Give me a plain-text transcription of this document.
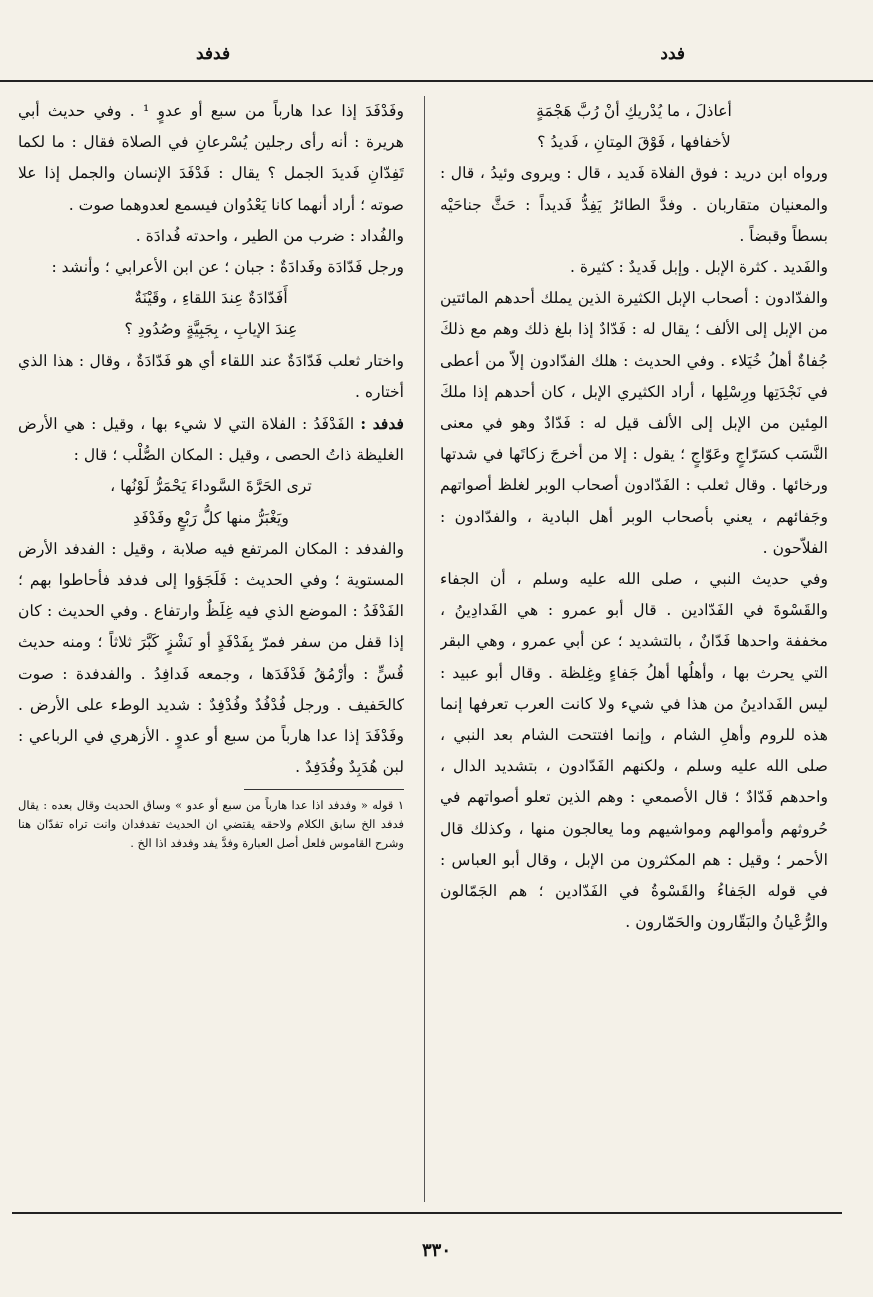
فدد
فدفد
أعاذلَ ، ما يُدْريكِ أنْ رُبَّ هَجْمَةٍ
لأخفافها ، فَوْقَ المِتانِ ، فَديدُ ؟

ورواه ابن دريد : فوق الفلاة فَديد ، قال : ويروى وئيدُ ، قال : والمعنيان متقاربان . وفدَّ الطائرُ يَفِدُّ فَديداً : حَثَّ جناحَيْه بسطاً وقبضاً .

والفَديد . كثرة الإبل . وإبل فَديدٌ : كثيرة .

والفدّادون : أصحاب الإبل الكثيرة الذين يملك أحدهم المائتين من الإبل إلى الألف ؛ يقال له : فَدّادٌ إذا بلغ ذلك وهم مع ذلكَ جُفاةٌ أهلُ خُيَلاء . وفي الحديث : هلك الفدّادون إلاّ من أعطى في نَجْدَتِها ورِسْلِها ، أراد الكثيري الإبل ، كان أحدهم إذا ملكَ المِئين من الإبل إلى الألف قيل له : فَدّادٌ وهو في معنى النَّسَب كسَرّاجٍ وعَوّاجٍ ؛ يقول : إلا من أخرجَ زكاتَها في شدتها ورخائها . وقال ثعلب : الفَدّادون أصحاب الوبر لغلظ أصواتهم وجَفائهم ، يعني بأصحاب الوبر أهل البادية ، والفدّادون : الفلاّحون .

وفي حديث النبي ، صلى الله عليه وسلم ، أن الجفاء والقَسْوةَ في الفَدّادين . قال أبو عمرو : هي الفَدادِينُ ، مخففة واحدها فَدّانٌ ، بالتشديد ؛ عن أبي عمرو ، وهي البقر التي يحرث بها ، وأهلُها أهلُ جَفاءٍ وغِلظة . وقال أبو عبيد : ليس الفَدادينُ من هذا في شيء ولا كانت العرب تعرفها إنما هذه للروم وأهلِ الشام ، وإنما افتتحت الشام بعد النبي ، صلى الله عليه وسلم ، ولكنهم الفَدّادون ، بتشديد الدال ، واحدهم فَدّادٌ ؛ قال الأصمعي : وهم الذين تعلو أصواتهم في حُروثهم وأموالهم ومواشيهم وما يعالجون منها ، وكذلك قال الأحمر ؛ وقيل : هم المكثرون من الإبل ، وقال أبو العباس : في قوله الجَفاءُ والقَسْوةُ في الفَدّادين ؛ هم الجَمّالون والرُّعْيانُ والبَقّارون والحَمّارون .

وفَدْفَدَ إذا عدا هارباً من سبع أو عدوٍ ¹ . وفي حديث أبي هريرة : أنه رأى رجلين يُسْرعانِ في الصلاة فقال : ما لكما تَفِدّانِ فَديدَ الجمل ؟ يقال : فَدْفَدَ الإنسان والجمل إذا علا صوته ؛ أراد أنهما كانا يَعْدُوان فيسمع لعدوهما صوت .

والفُداد : ضرب من الطير ، واحدته فُدادَة .

ورجل فَدّادَة وفَدادَةٌ : جبان ؛ عن ابن الأعرابي ؛ وأنشد :

أَفَدّادَةٌ عِندَ اللقاءِ ، وقَيْنَةٌ
عِندَ الإيابِ ، بِجَبِيَّةٍ وصُدُودِ ؟

واختار ثعلب فَدّادَةٌ عند اللقاء أي هو فَدّادَةٌ ، وقال : هذا الذي أختاره .

فدفد : الفَدْفَدُ : الفلاة التي لا شيء بها ، وقيل : هي الأرض الغليظة ذاتُ الحصى ، وقيل : المكان الصُّلْب ؛ قال :

ترى الحَرَّةَ السَّوداءَ يَحْمَرُّ لَوْنُها ،
ويَغْبَرُّ منها كلُّ رَبْعٍ وفَدْفَدِ

والفدفد : المكان المرتفع فيه صلابة ، وقيل : الفدفد الأرض المستوية ؛ وفي الحديث : فَلَجَؤوا إلى فدفد فأحاطوا بهم ؛ الفَدْفَدُ : الموضع الذي فيه غِلَظٌ وارتفاع . وفي الحديث : كان إذا قفل من سفر فمرّ بِفَدْفَدٍ أو نَشْزٍ كَبَّرَ ثلاثاً ؛ ومنه حديث قُسٍّ : وأرْمُقُ فَدْفَدَها ، وجمعه فَدافِدُ . والفدفدة : صوت كالحَفيف . ورجل فُدْفُدٌ وفُدْفِدٌ : شديد الوطء على الأرض . وفَدْفَدَ إذا عدا هارباً من سبع أو عدوٍ . الأزهري في الرباعي : لبن هُدَبِدٌ وفُدَفِدٌ .

١ قوله « وفدفد اذا عدا هارباً من سبع أو عدو » وساق الحديث وقال بعده : يقال فدفد الخ سابق الكلام ولاحقه يقتضي ان الحديث تفدفدان وانت تراه تفدّان هنا وشرح القاموس فلعل أصل العبارة وفدَّ يفد وفدفد اذا الخ .

٣٣٠
